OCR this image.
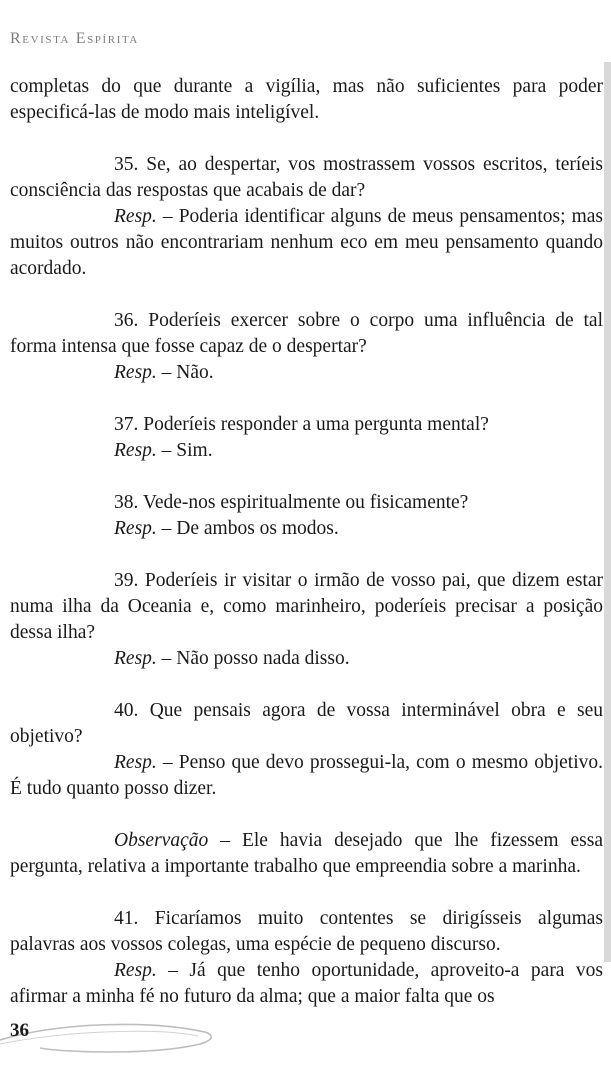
Revista Espírita

completas do que durante a vigília, mas não suficientes para poder especificá-las de modo mais inteligível.

35. Se, ao despertar, vos mostrassem vossos escritos, teríeis consciência das respostas que acabais de dar?

Resp. – Poderia identificar alguns de meus pensamentos; mas muitos outros não encontrariam nenhum eco em meu pensamento quando acordado.

36. Poderíeis exercer sobre o corpo uma influência de tal forma intensa que fosse capaz de o despertar?

Resp. – Não.

37. Poderíeis responder a uma pergunta mental?

Resp. – Sim.

38. Vede-nos espiritualmente ou fisicamente?

Resp. – De ambos os modos.

39. Poderíeis ir visitar o irmão de vosso pai, que dizem estar numa ilha da Oceania e, como marinheiro, poderíeis precisar a posição dessa ilha?

Resp. – Não posso nada disso.

40. Que pensais agora de vossa interminável obra e seu objetivo?

Resp. – Penso que devo prossegui-la, com o mesmo objetivo. É tudo quanto posso dizer.

Observação – Ele havia desejado que lhe fizessem essa pergunta, relativa a importante trabalho que empreendia sobre a marinha.

41. Ficaríamos muito contentes se dirigísseis algumas palavras aos vossos colegas, uma espécie de pequeno discurso.

Resp. – Já que tenho oportunidade, aproveito-a para vos afirmar a minha fé no futuro da alma; que a maior falta que os

36
